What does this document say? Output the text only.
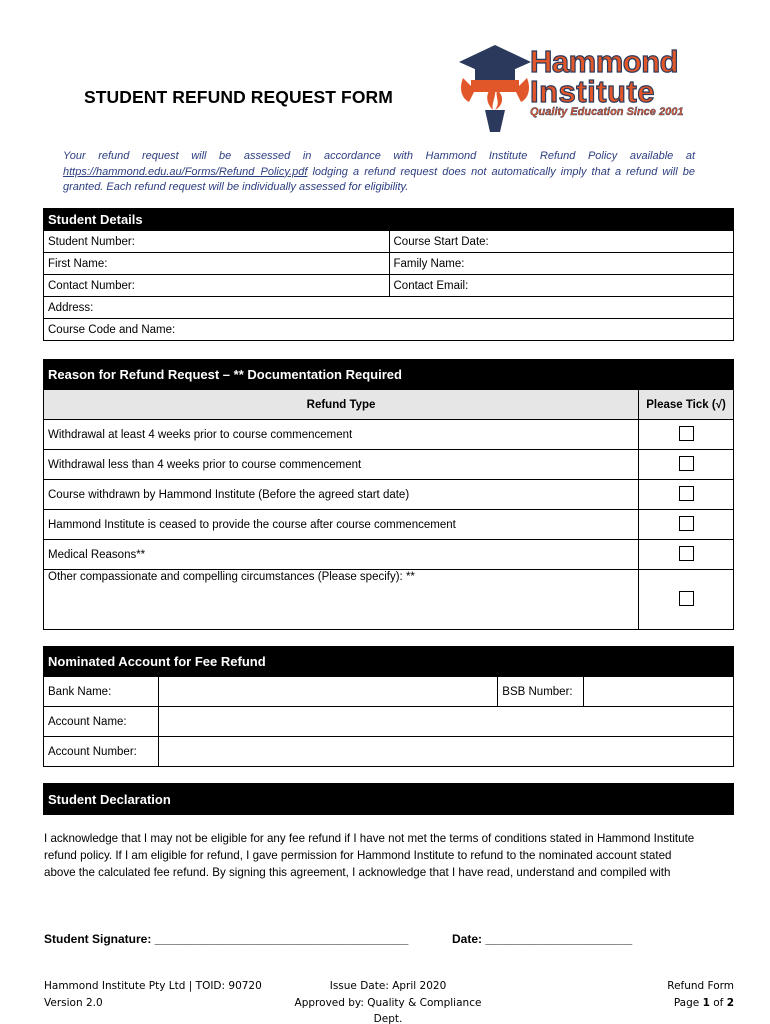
STUDENT REFUND REQUEST FORM
Hammond
Institute
Quality Education Since 2001
Your refund request will be assessed in accordance with Hammond Institute Refund Policy available at https://hammond.edu.au/Forms/Refund_Policy.pdf lodging a refund request does not automatically imply that a refund will be granted. Each refund request will be individually assessed for eligibility.
Student Details	
Student Number:	Course Start Date:
First Name:	Family Name:
Contact Number:	Contact Email:
Address:	
Course Code and Name:	
Reason for Refund Request – ** Documentation Required	
Refund Type	Please Tick (√)
Withdrawal at least 4 weeks prior to course commencement	
Withdrawal less than 4 weeks prior to course commencement	
Course withdrawn by Hammond Institute (Before the agreed start date)	
Hammond Institute is ceased to provide the course after course commencement	
Medical Reasons**	
Other compassionate and compelling circumstances (Please specify): **	
Nominated Account for Fee Refund			
Bank Name:		BSB Number:	
Account Name:			
Account Number:			
Student Declaration
I acknowledge that I may not be eligible for any fee refund if I have not met the terms of conditions stated in Hammond Institute refund policy. If I am eligible for refund, I gave permission for Hammond Institute to refund to the nominated account stated above the calculated fee refund. By signing this agreement, I acknowledge that I have read, understand and compiled with
Student Signature: ______________________________________	Date: ______________________
Hammond Institute Pty Ltd | TOID: 90720
Version 2.0
Issue Date: April 2020
Approved by: Quality & Compliance Dept.
Refund Form
Page 1 of 2
